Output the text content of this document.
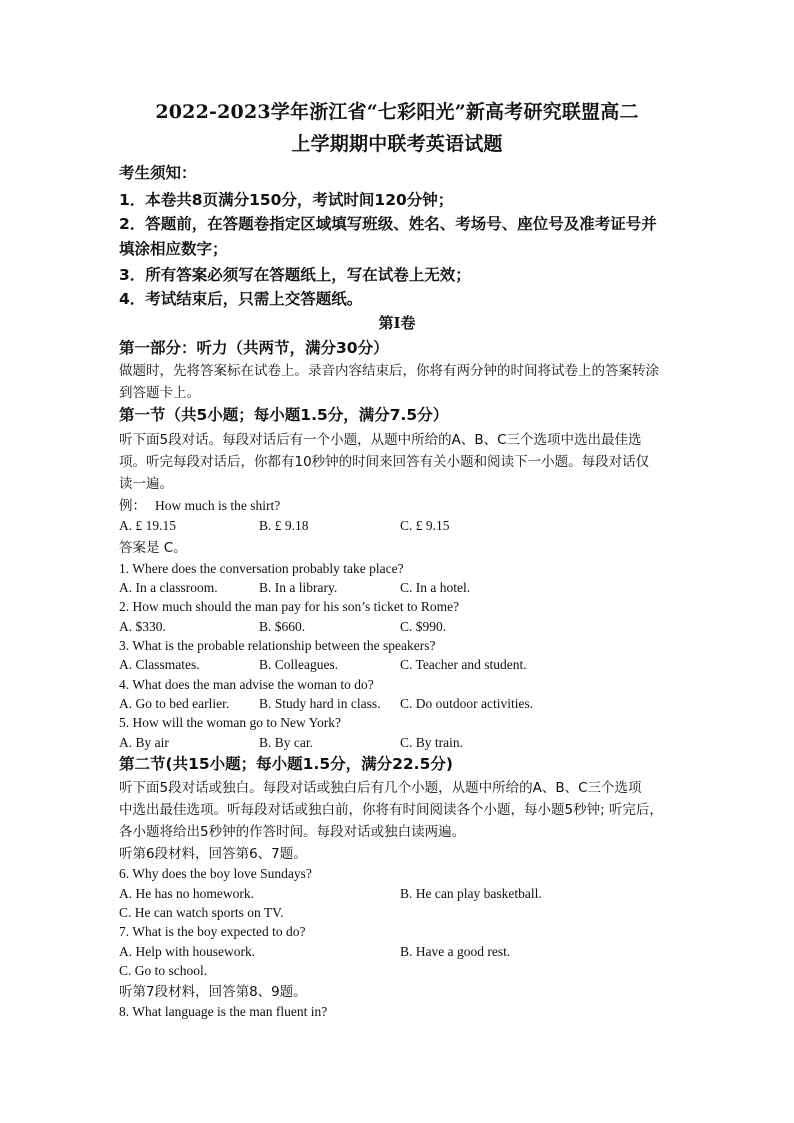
2022-2023学年浙江省“七彩阳光”新高考研究联盟高二
上学期期中联考英语试题
考生须知：
1．本卷共8页满分150分，考试时间120分钟；
2．答题前，在答题卷指定区域填写班级、姓名、考场号、座位号及准考证号并
填涂相应数字；
3．所有答案必须写在答题纸上，写在试卷上无效；
4．考试结束后，只需上交答题纸。
第I卷
第一部分：听力（共两节，满分30分）
做题时，先将答案标在试卷上。录音内容结束后，你将有两分钟的时间将试卷上的答案转涂
到答题卡上。
第一节（共5小题；每小题1.5分，满分7.5分）
听下面5段对话。每段对话后有一个小题，从题中所给的A、B、C三个选项中选出最佳选
项。听完每段对话后，你都有10秒钟的时间来回答有关小题和阅读下一小题。每段对话仅
读一遍。
例： How much is the shirt?
A. £ 19.15	B. £ 9.18	C. £ 9.15
答案是 C。
1. Where does the conversation probably take place?
A. In a classroom.	B. In a library.	C. In a hotel.
2. How much should the man pay for his son’s ticket to Rome?
A. $330.	B. $660.	C. $990.
3. What is the probable relationship between the speakers?
A. Classmates.	B. Colleagues.	C. Teacher and student.
4. What does the man advise the woman to do?
A. Go to bed earlier. B. Study hard in class. C. Do outdoor activities.
5. How will the woman go to New York?
A. By air	B. By car.	C. By train.
第二节(共15小题；每小题1.5分，满分22.5分)
听下面5段对话或独白。每段对话或独白后有几个小题，从题中所给的A、B、C三个选项
中选出最佳选项。听每段对话或独白前，你将有时间阅读各个小题，每小题5秒钟; 听完后，
各小题将给出5秒钟的作答时间。每段对话或独白读两遍。
听第6段材料，回答第6、7题。
6. Why does the boy love Sundays?
A. He has no homework.	B. He can play basketball.
C. He can watch sports on TV.
7. What is the boy expected to do?
A. Help with housework.	B. Have a good rest.
C. Go to school.
听第7段材料，回答第8、9题。
8. What language is the man fluent in?
